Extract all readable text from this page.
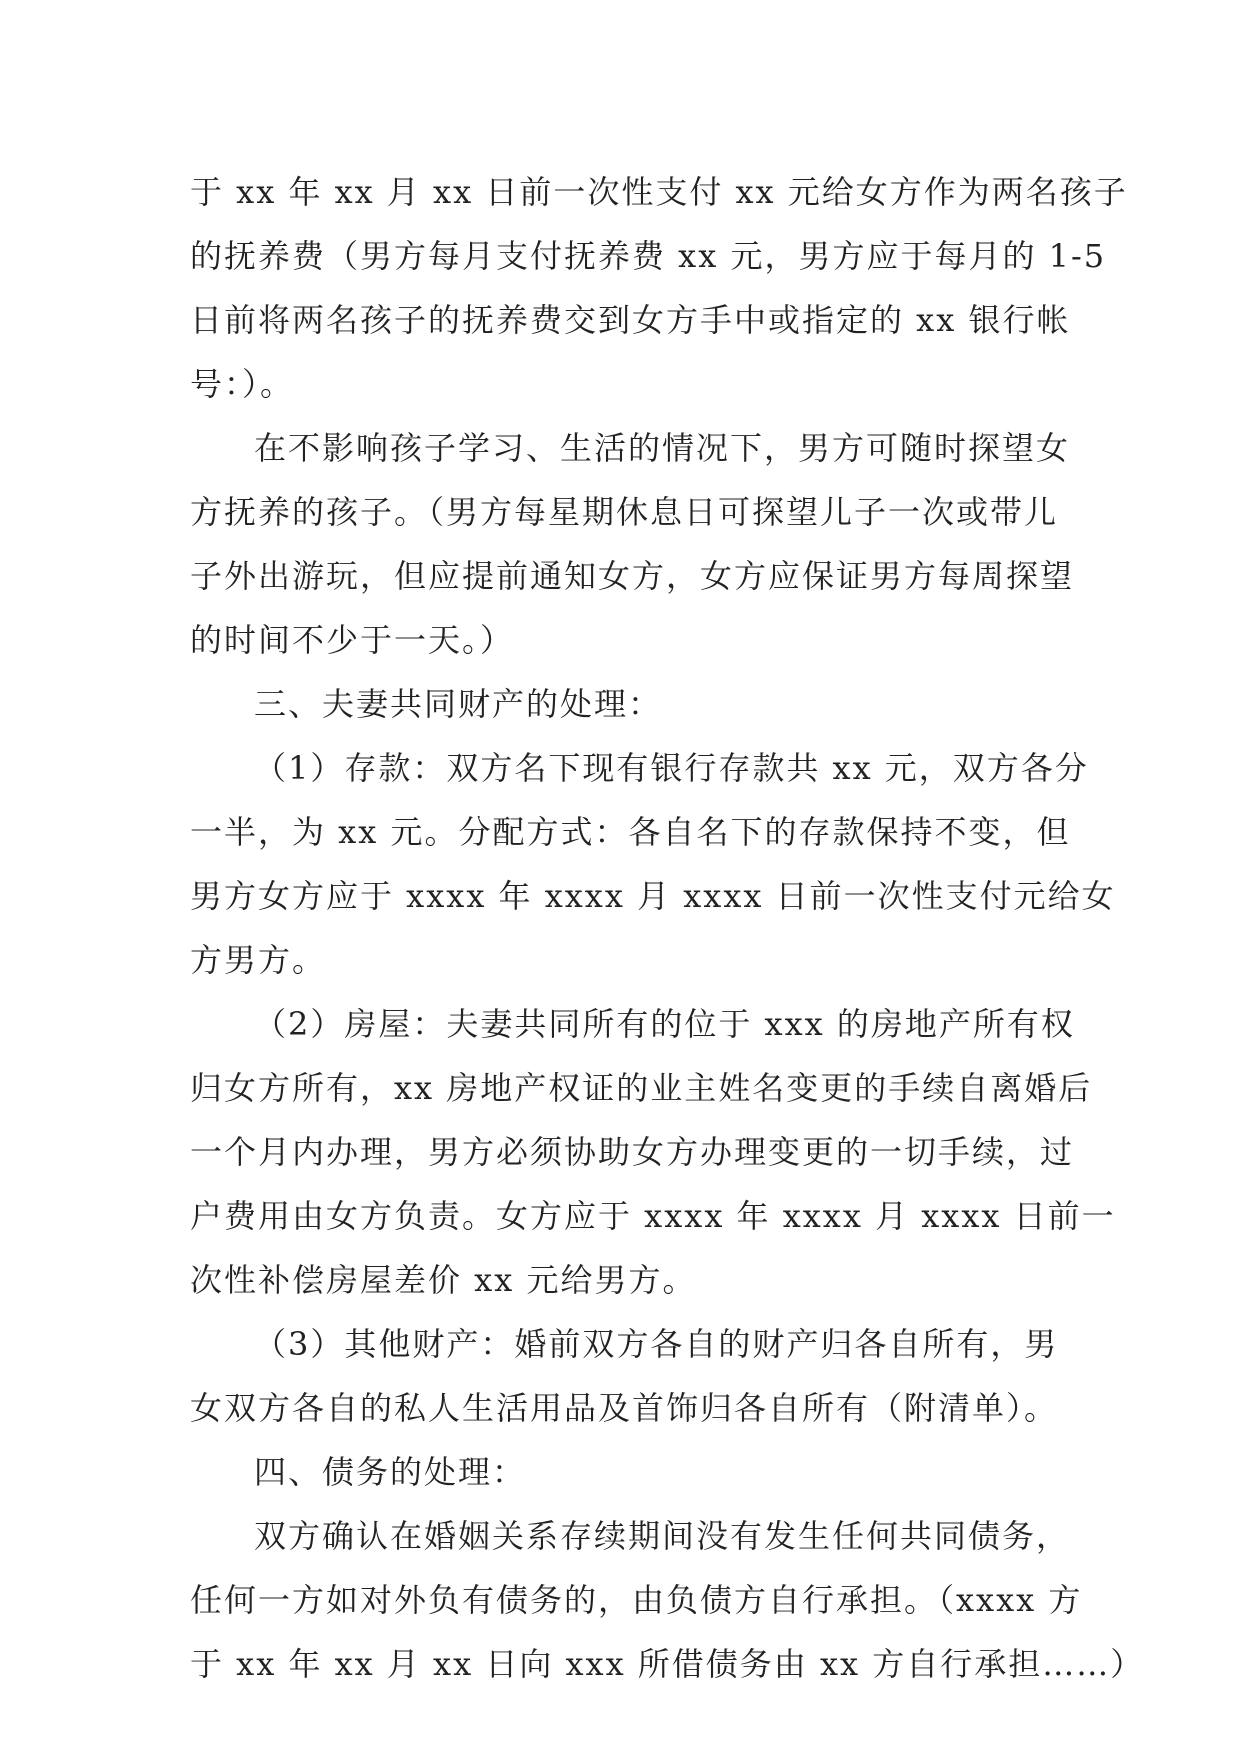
于 xx 年 xx 月 xx 日前一次性支付 xx 元给女方作为两名孩子
的抚养费（男方每月支付抚养费 xx 元，男方应于每月的 1-5
日前将两名孩子的抚养费交到女方手中或指定的 xx 银行帐
号：）。
在不影响孩子学习、生活的情况下，男方可随时探望女
方抚养的孩子。（男方每星期休息日可探望儿子一次或带儿
子外出游玩，但应提前通知女方，女方应保证男方每周探望
的时间不少于一天。）
三、夫妻共同财产的处理：
（1）存款：双方名下现有银行存款共 xx 元，双方各分
一半，为 xx 元。分配方式：各自名下的存款保持不变，但
男方女方应于 xxxx 年 xxxx 月 xxxx 日前一次性支付元给女
方男方。
（2）房屋：夫妻共同所有的位于 xxx 的房地产所有权
归女方所有，xx 房地产权证的业主姓名变更的手续自离婚后
一个月内办理，男方必须协助女方办理变更的一切手续，过
户费用由女方负责。女方应于 xxxx 年 xxxx 月 xxxx 日前一
次性补偿房屋差价 xx 元给男方。
（3）其他财产：婚前双方各自的财产归各自所有，男
女双方各自的私人生活用品及首饰归各自所有（附清单）。
四、债务的处理：
双方确认在婚姻关系存续期间没有发生任何共同债务，
任何一方如对外负有债务的，由负债方自行承担。（xxxx 方
于 xx 年 xx 月 xx 日向 xxx 所借债务由 xx 方自行承担……）
